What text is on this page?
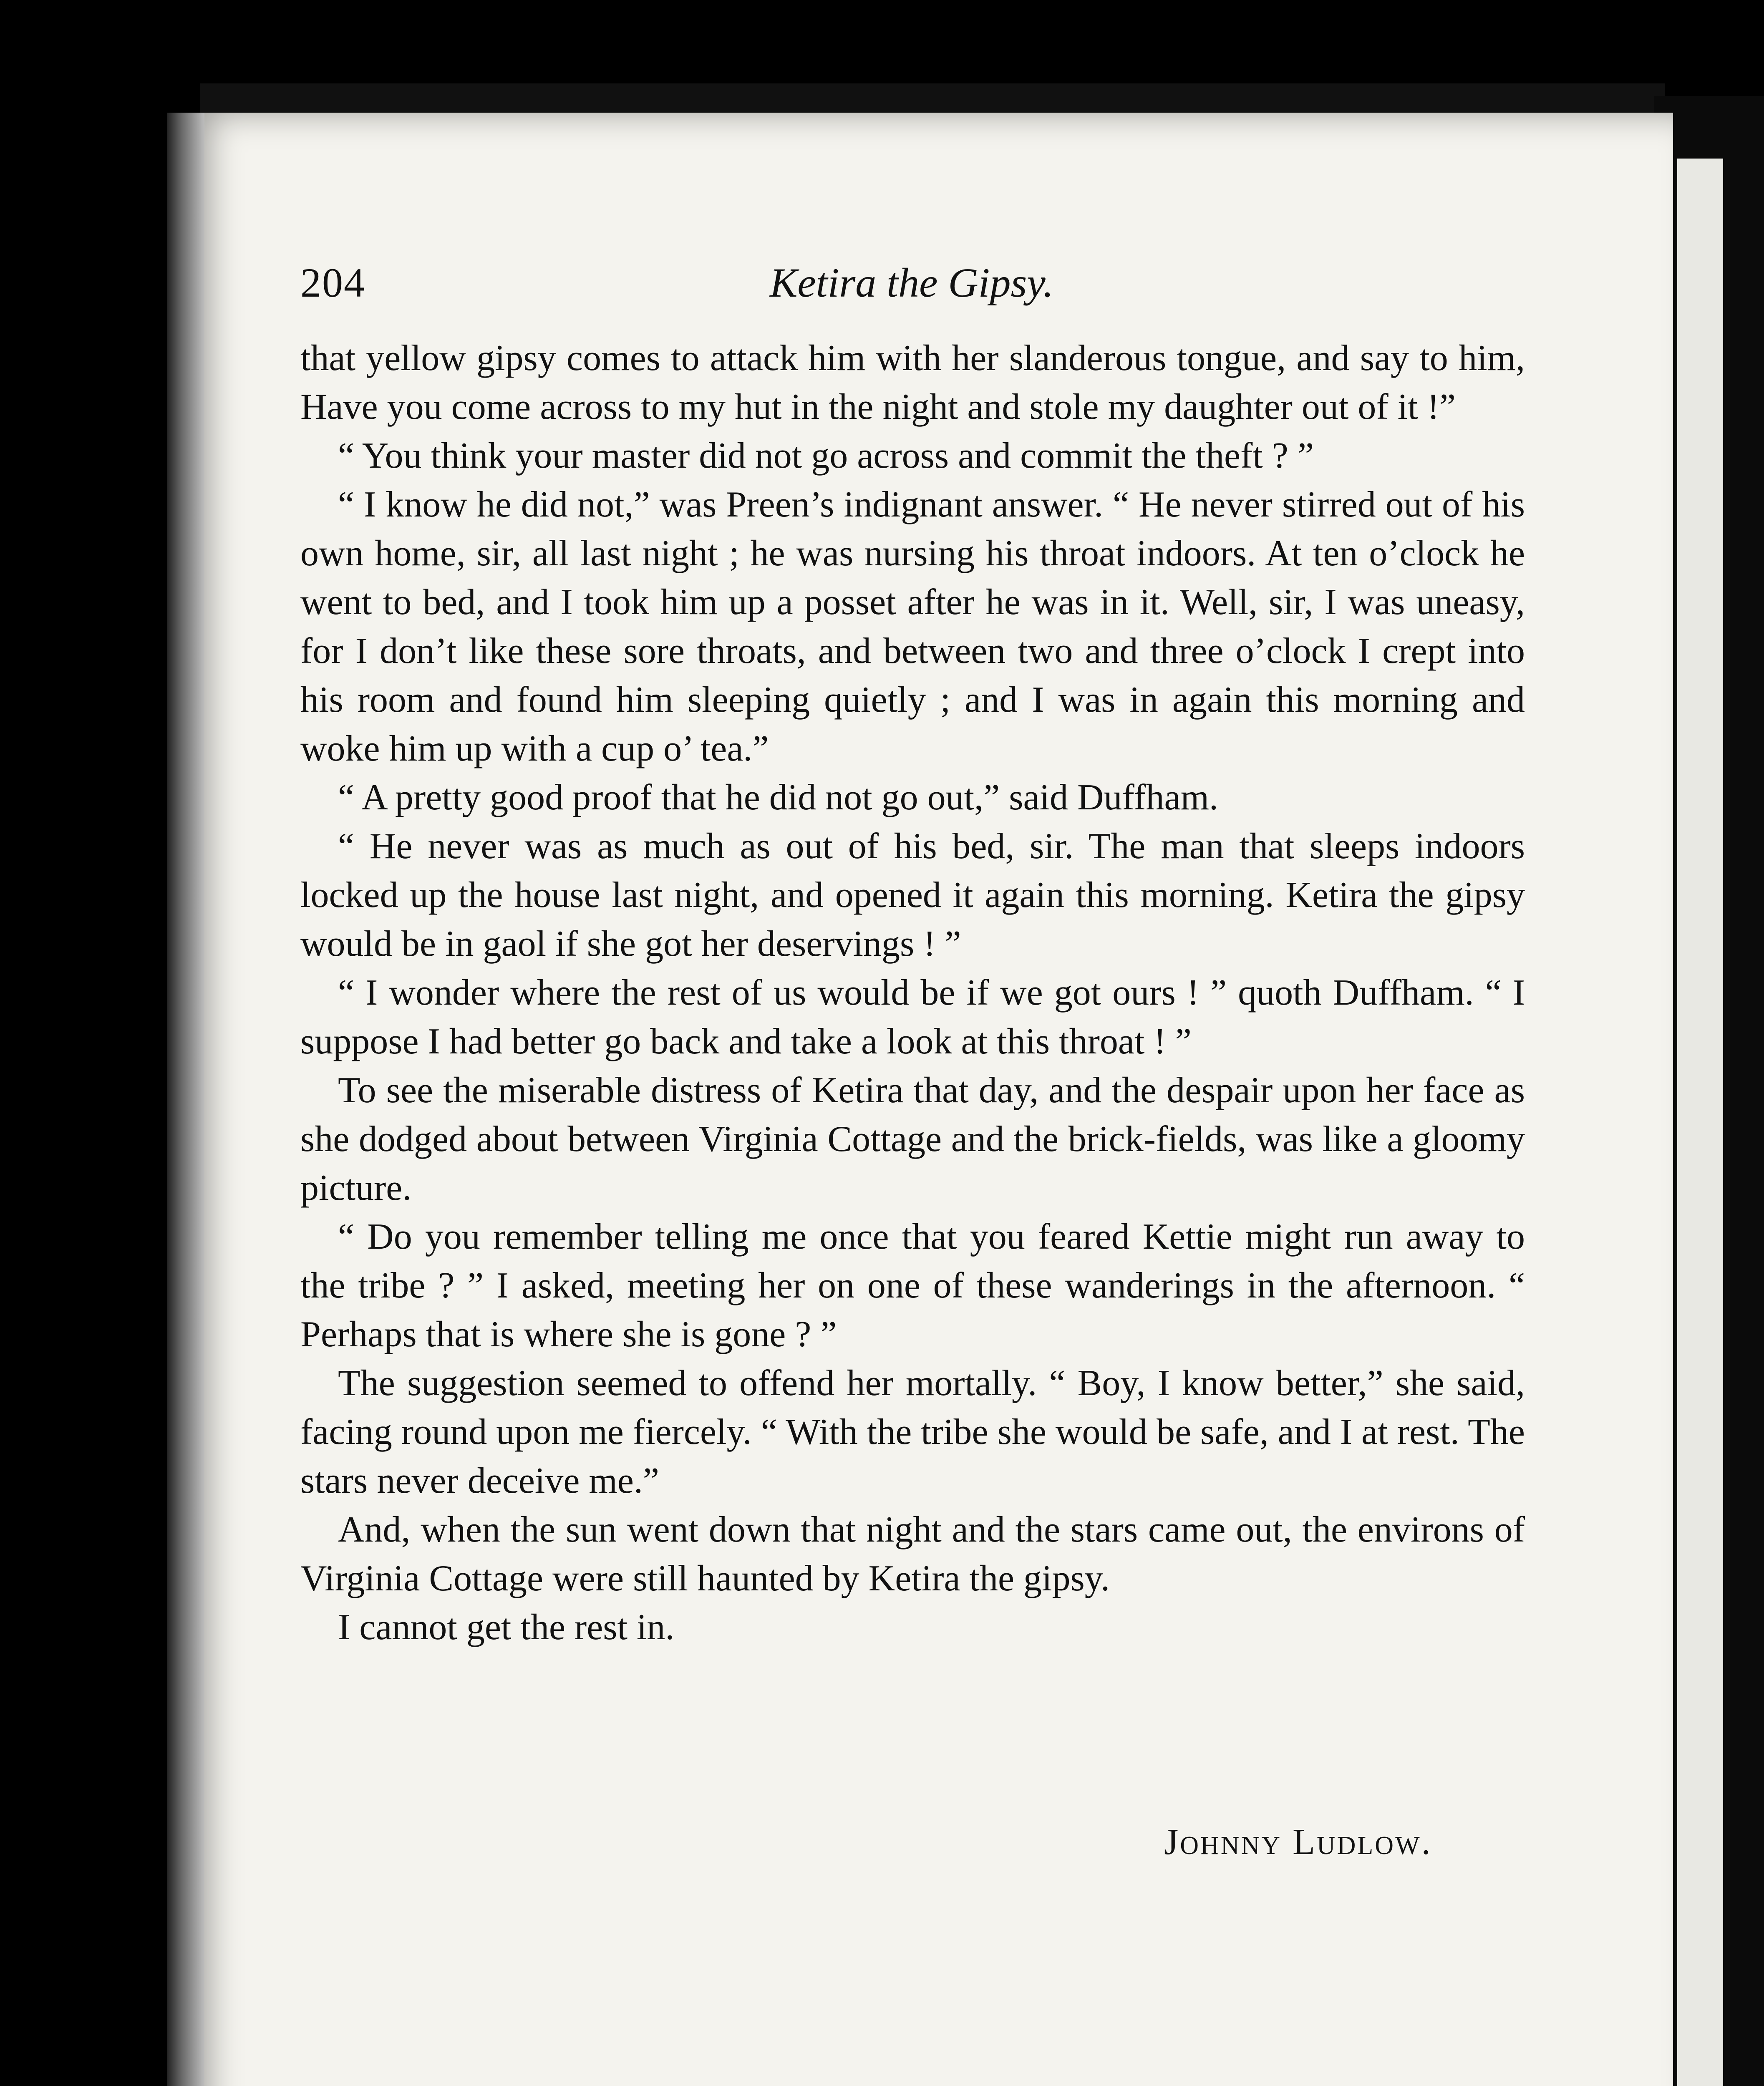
204	Ketira the Gipsy.

that yellow gipsy comes to attack him with her slanderous tongue, and say to him, Have you come across to my hut in the night and stole my daughter out of it !”

“ You think your master did not go across and commit the theft ? ”

“ I know he did not,” was Preen’s indignant answer. “ He never stirred out of his own home, sir, all last night ; he was nursing his throat indoors. At ten o’clock he went to bed, and I took him up a posset after he was in it. Well, sir, I was uneasy, for I don’t like these sore throats, and between two and three o’clock I crept into his room and found him sleeping quietly ; and I was in again this morning and woke him up with a cup o’ tea.”

“ A pretty good proof that he did not go out,” said Duffham.

“ He never was as much as out of his bed, sir. The man that sleeps indoors locked up the house last night, and opened it again this morning. Ketira the gipsy would be in gaol if she got her deservings ! ”

“ I wonder where the rest of us would be if we got ours ! ” quoth Duffham. “ I suppose I had better go back and take a look at this throat ! ”

To see the miserable distress of Ketira that day, and the despair upon her face as she dodged about between Virginia Cottage and the brick-fields, was like a gloomy picture.

“ Do you remember telling me once that you feared Kettie might run away to the tribe ? ” I asked, meeting her on one of these wanderings in the afternoon. “ Perhaps that is where she is gone ? ”

The suggestion seemed to offend her mortally. “ Boy, I know better,” she said, facing round upon me fiercely. “ With the tribe she would be safe, and I at rest. The stars never deceive me.”

And, when the sun went down that night and the stars came out, the environs of Virginia Cottage were still haunted by Ketira the gipsy.

I cannot get the rest in.

Johnny Ludlow.
